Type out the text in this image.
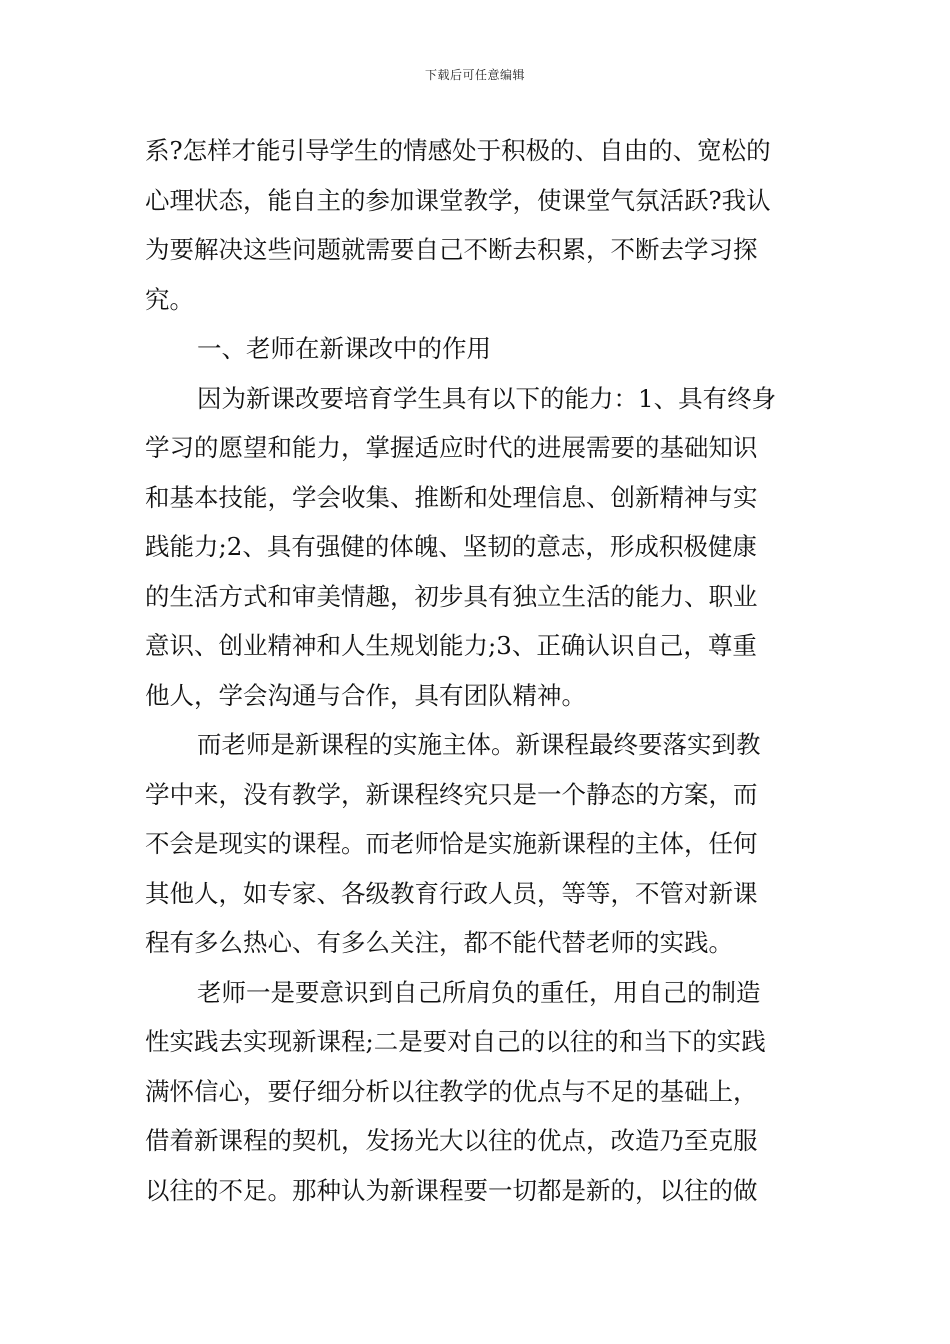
下载后可任意编辑
系?怎样才能引导学生的情感处于积极的、自由的、宽松的
心理状态，能自主的参加课堂教学，使课堂气氛活跃?我认
为要解决这些问题就需要自己不断去积累，不断去学习探
究。
一、老师在新课改中的作用
因为新课改要培育学生具有以下的能力：1、具有终身
学习的愿望和能力，掌握适应时代的进展需要的基础知识
和基本技能，学会收集、推断和处理信息、创新精神与实
践能力;2、具有强健的体魄、坚韧的意志，形成积极健康
的生活方式和审美情趣，初步具有独立生活的能力、职业
意识、创业精神和人生规划能力;3、正确认识自己，尊重
他人，学会沟通与合作，具有团队精神。
而老师是新课程的实施主体。新课程最终要落实到教
学中来，没有教学，新课程终究只是一个静态的方案，而
不会是现实的课程。而老师恰是实施新课程的主体，任何
其他人，如专家、各级教育行政人员，等等，不管对新课
程有多么热心、有多么关注，都不能代替老师的实践。
老师一是要意识到自己所肩负的重任，用自己的制造
性实践去实现新课程;二是要对自己的以往的和当下的实践
满怀信心，要仔细分析以往教学的优点与不足的基础上，
借着新课程的契机，发扬光大以往的优点，改造乃至克服
以往的不足。那种认为新课程要一切都是新的，以往的做
